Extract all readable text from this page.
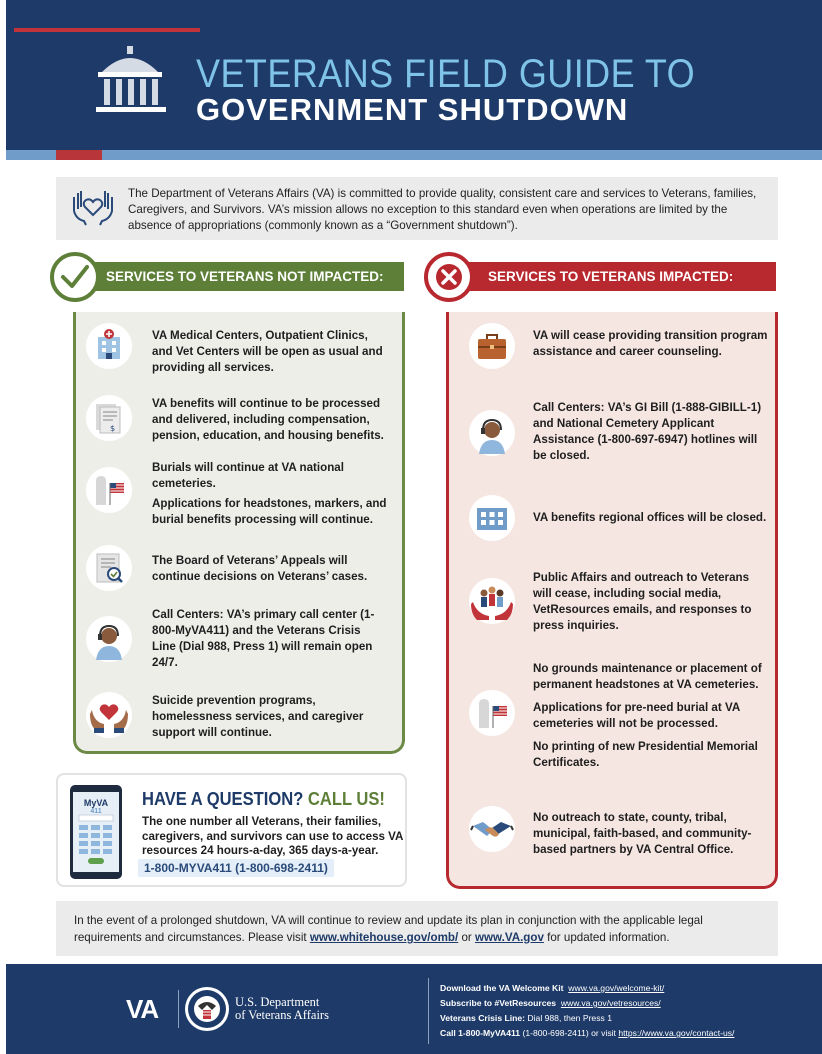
VETERANS FIELD GUIDE TO
GOVERNMENT SHUTDOWN
The Department of Veterans Affairs (VA) is committed to provide quality, consistent care and services to Veterans, families, Caregivers, and Survivors. VA’s mission allows no exception to this standard even when operations are limited by the absence of appropriations (commonly known as a “Government shutdown”).
SERVICES TO VETERANS NOT IMPACTED:	SERVICES TO VETERANS IMPACTED:
VA Medical Centers, Outpatient Clinics, and Vet Centers will be open as usual and providing all services.
$
VA benefits will continue to be processed and delivered, including compensation, pension, education, and housing benefits.
Burials will continue at VA national cemeteries.
Applications for headstones, markers, and burial benefits processing will continue.
The Board of Veterans’ Appeals will continue decisions on Veterans’ cases.
Call Centers: VA’s primary call center (1-800-MyVA411) and the Veterans Crisis Line (Dial 988, Press 1) will remain open 24/7.
Suicide prevention programs, homelessness services, and caregiver support will continue.
VA will cease providing transition program assistance and career counseling.
Call Centers: VA’s GI Bill (1-888-GIBILL-1) and National Cemetery Applicant Assistance (1-800-697-6947) hotlines will be closed.
VA benefits regional offices will be closed.
Public Affairs and outreach to Veterans will cease, including social media, VetResources emails, and responses to press inquiries.
No grounds maintenance or placement of permanent headstones at VA cemeteries.
Applications for pre-need burial at VA cemeteries will not be processed.
No printing of new Presidential Memorial Certificates.
No outreach to state, county, tribal, municipal, faith-based, and community-based partners by VA Central Office.
MyVA
411
HAVE A QUESTION? CALL US!
The one number all Veterans, their families, caregivers, and survivors can use to access VA resources 24 hours-a-day, 365 days-a-year.
1-800-MYVA411 (1-800-698-2411)
In the event of a prolonged shutdown, VA will continue to review and update its plan in conjunction with the applicable legal requirements and circumstances. Please visit www.whitehouse.gov/omb/ or www.VA.gov for updated information.
VA	U.S. Department
of Veterans Affairs
Download the VA Welcome Kit www.va.gov/welcome-kit/
Subscribe to #VetResources www.va.gov/vetresources/
Veterans Crisis Line: Dial 988, then Press 1
Call 1-800-MyVA411 (1-800-698-2411) or visit https://www.va.gov/contact-us/
